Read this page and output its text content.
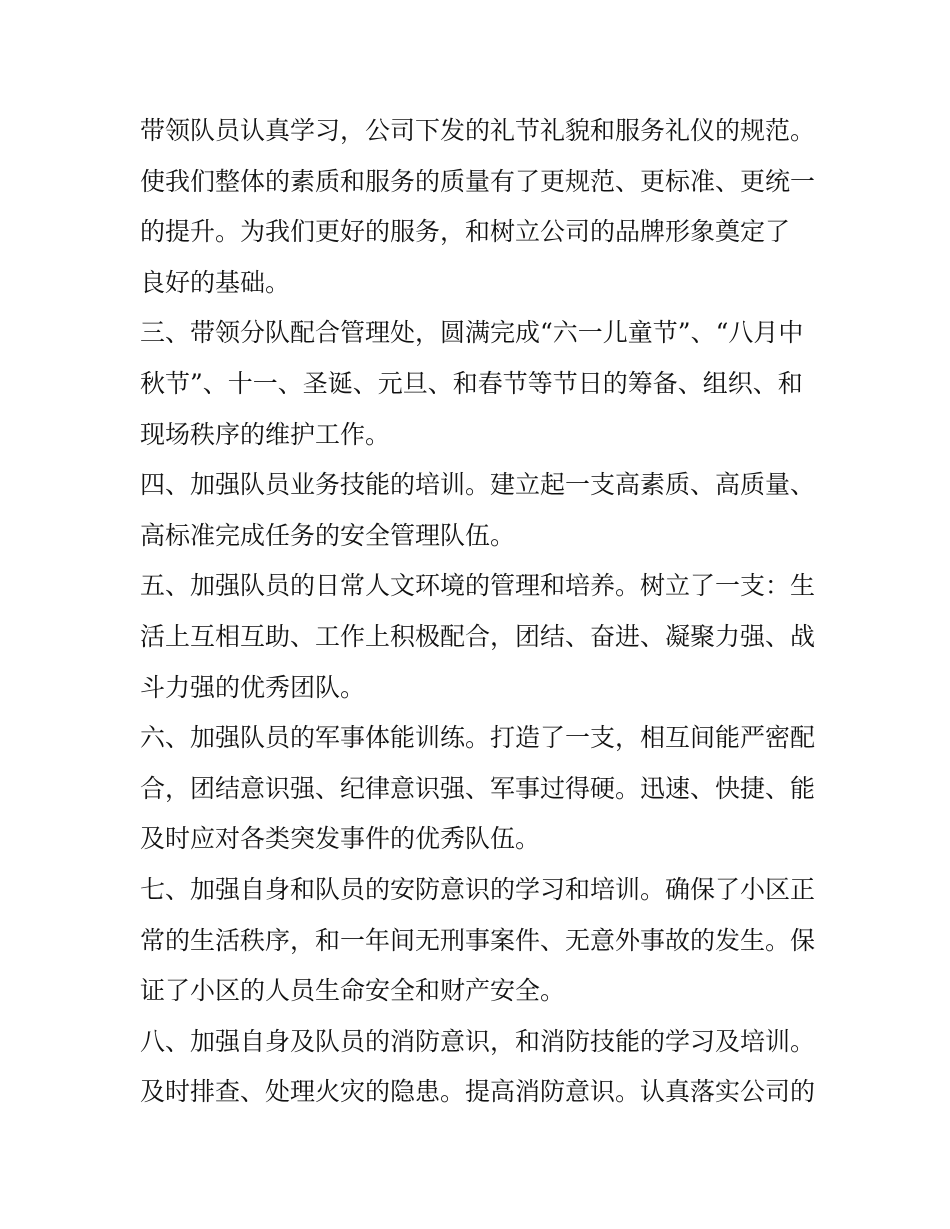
带领队员认真学习，公司下发的礼节礼貌和服务礼仪的规范。

使我们整体的素质和服务的质量有了更规范、更标准、更统一

的提升。为我们更好的服务，和树立公司的品牌形象奠定了

良好的基础。

三、带领分队配合管理处，圆满完成“六一儿童节”、“八月中

秋节”、十一、圣诞、元旦、和春节等节日的筹备、组织、和

现场秩序的维护工作。

四、加强队员业务技能的培训。建立起一支高素质、高质量、

高标准完成任务的安全管理队伍。

五、加强队员的日常人文环境的管理和培养。树立了一支：生

活上互相互助、工作上积极配合，团结、奋进、凝聚力强、战

斗力强的优秀团队。

六、加强队员的军事体能训练。打造了一支，相互间能严密配

合，团结意识强、纪律意识强、军事过得硬。迅速、快捷、能

及时应对各类突发事件的优秀队伍。

七、加强自身和队员的安防意识的学习和培训。确保了小区正

常的生活秩序，和一年间无刑事案件、无意外事故的发生。保

证了小区的人员生命安全和财产安全。

八、加强自身及队员的消防意识，和消防技能的学习及培训。

及时排查、处理火灾的隐患。提高消防意识。认真落实公司的
